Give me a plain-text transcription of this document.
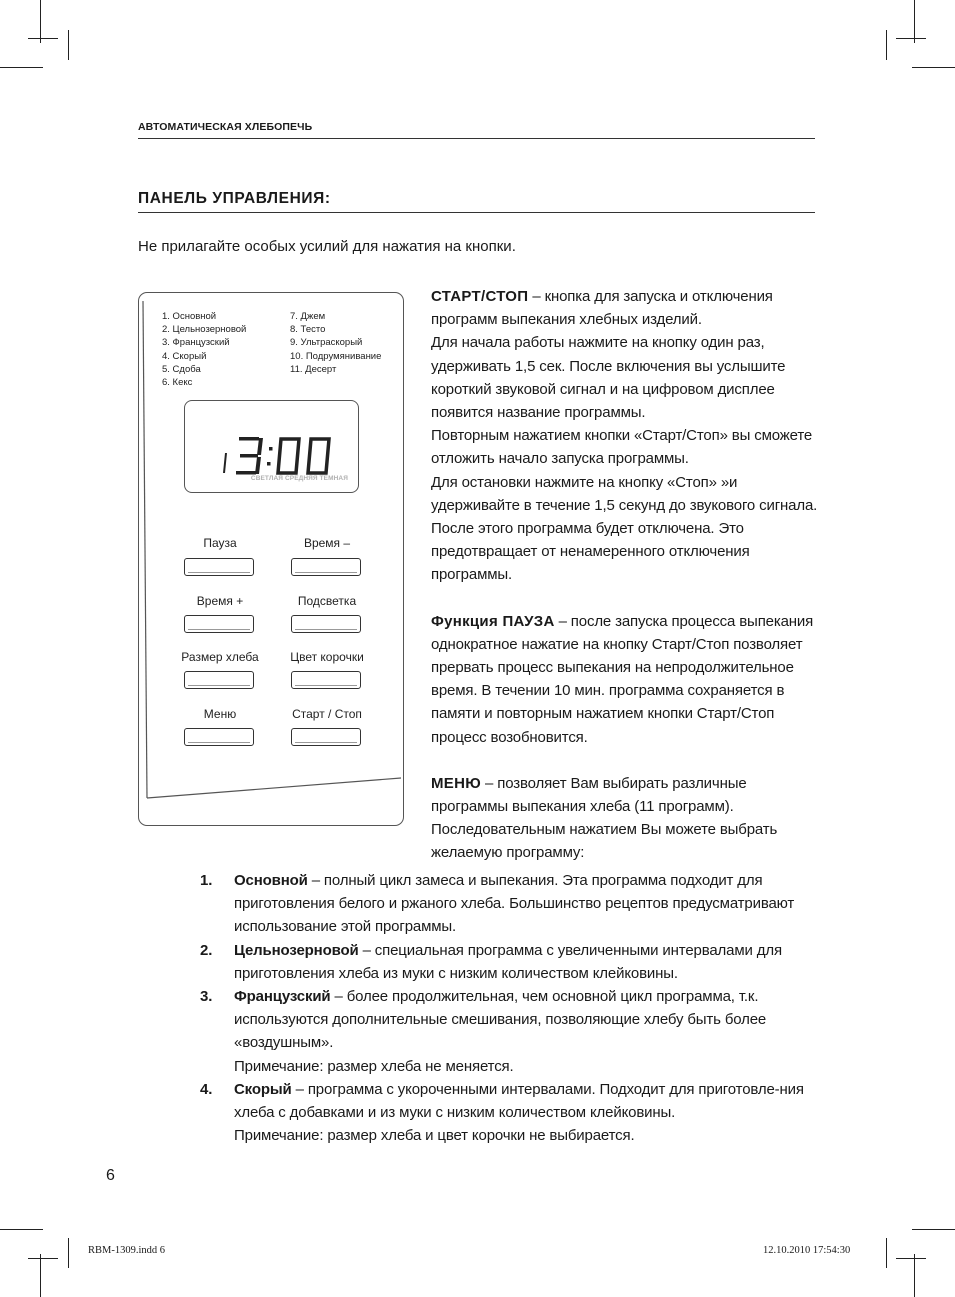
АВТОМАТИЧЕСКАЯ ХЛЕБОПЕЧЬ
ПАНЕЛЬ УПРАВЛЕНИЯ:
Не прилагайте особых усилий для нажатия на кнопки.
1. Основной
2. Цельнозерновой
3. Французский
4. Скорый
5. Сдоба
6. Кекс
7. Джем
8. Тесто
9. Ультраскорый
10. Подрумянивание
11. Десерт
СВЕТЛАЯ СРЕДНЯЯ ТЕМНАЯ
Пауза	Время –
Время +	Подсветка
Размер хлеба	Цвет корочки
Меню	Старт / Стоп

СТАРТ/СТОП – кнопка для запуска и отключения программ выпекания хлебных изделий.

Для начала работы нажмите на кнопку один раз, удерживать 1,5 сек. После включения вы услышите короткий звуковой сигнал и на цифровом дисплее появится название программы.

Повторным нажатием кнопки «Старт/Стоп» вы сможете отложить начало запуска программы.

Для остановки нажмите на кнопку «Стоп» »и удерживайте в течение 1,5 секунд до звукового сигнала. После этого программа будет отключена. Это предотвращает от ненамеренного отключения программы.

Функция ПАУЗА – после запуска процесса выпекания однократное нажатие на кнопку Старт/Стоп позволяет прервать процесс выпекания на непродолжительное время. В течении 10 мин. программа сохраняется в памяти и повторным нажатием кнопки Старт/Стоп процесс возобновится.

МЕНЮ – позволяет Вам выбирать различные программы выпекания хлеба (11 программ). Последовательным нажатием Вы можете выбрать желаемую программу:

1. Основной – полный цикл замеса и выпекания. Эта программа подходит для приготовления белого и ржаного хлеба. Большинство рецептов предусматривают использование этой программы.
2. Цельнозерновой – специальная программа с увеличенными интервалами для приготовления хлеба из муки с низким количеством клейковины.
3. Французский – более продолжительная, чем основной цикл программа, т.к. используются дополнительные смешивания, позволяющие хлебу быть более «воздушным».
Примечание: размер хлеба не меняется.
4. Скорый – программа с укороченными интервалами. Подходит для приготовле-ния хлеба с добавками и из муки с низким количеством клейковины.
Примечание: размер хлеба и цвет корочки не выбирается.
6
RBM-1309.indd 6	12.10.2010 17:54:30
